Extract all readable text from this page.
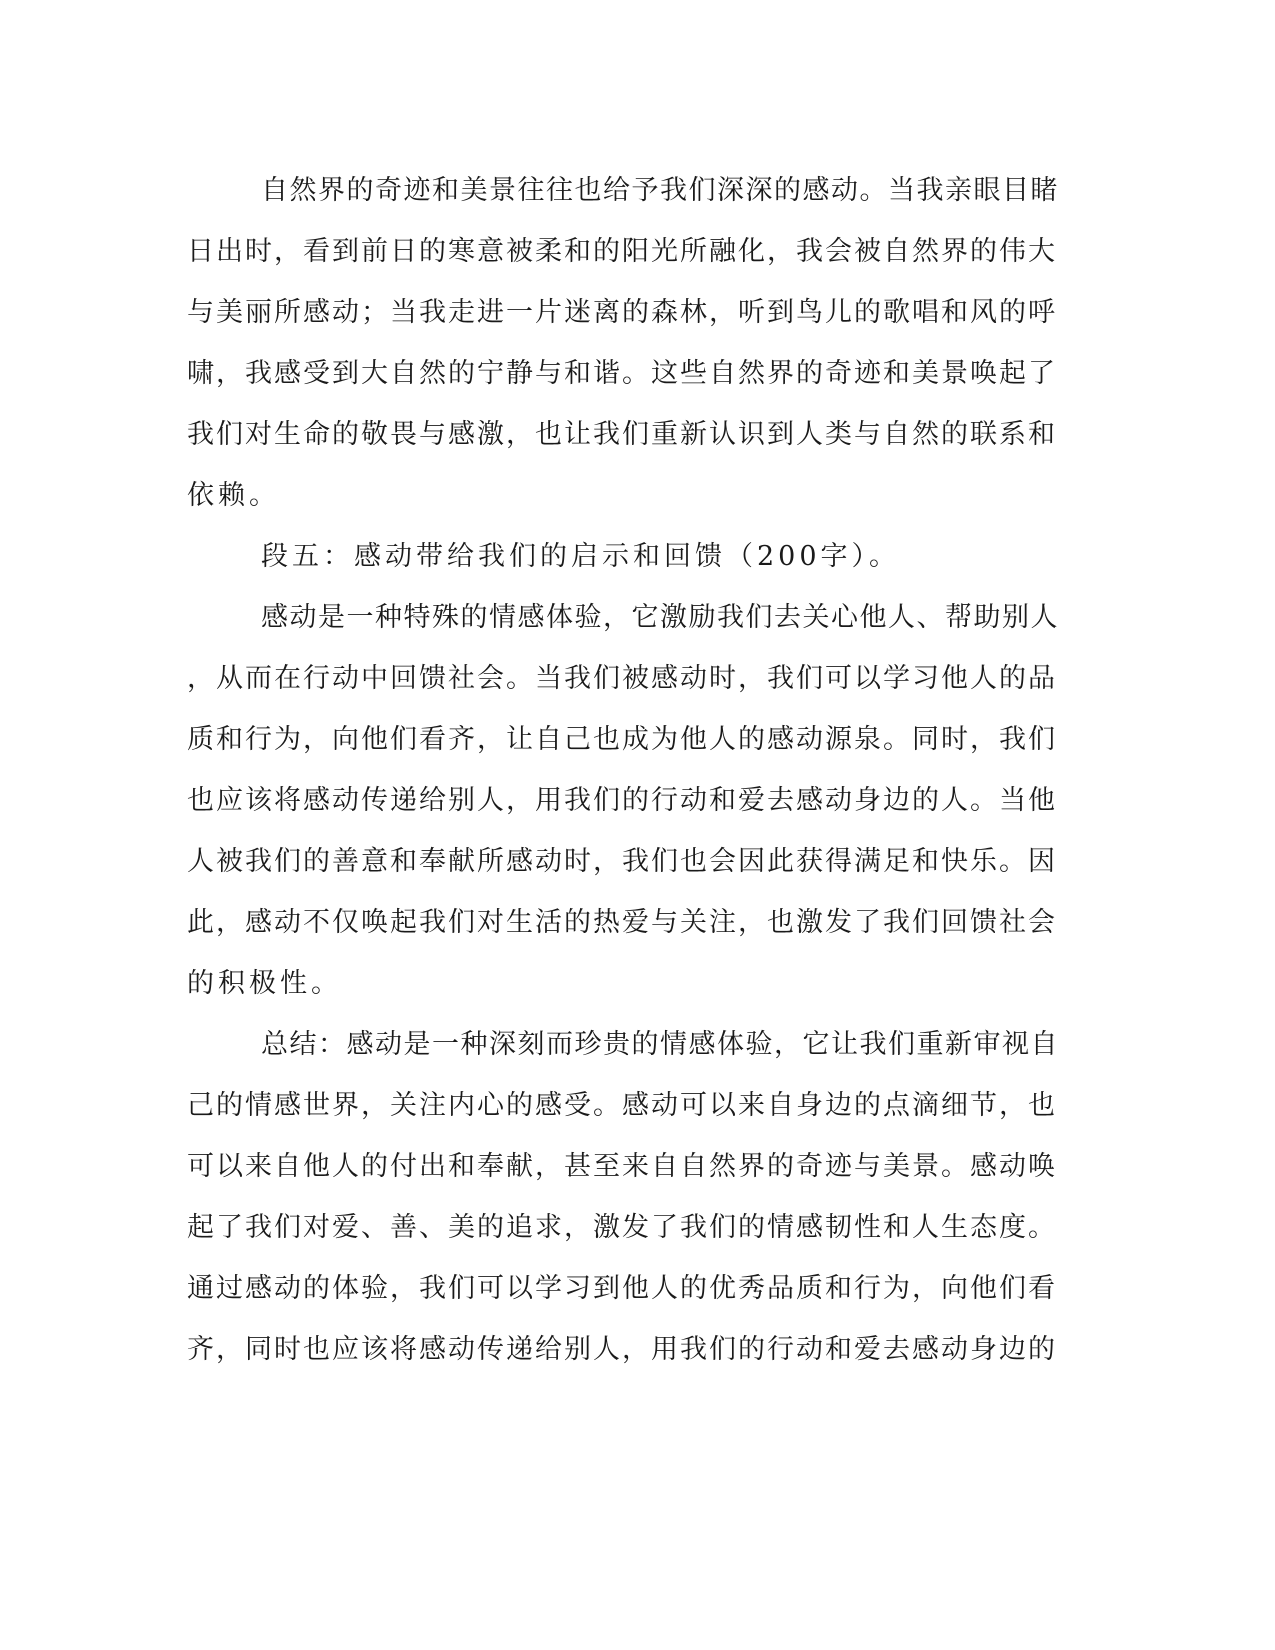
自然界的奇迹和美景往往也给予我们深深的感动。当我亲眼目睹
日出时，看到前日的寒意被柔和的阳光所融化，我会被自然界的伟大
与美丽所感动；当我走进一片迷离的森林，听到鸟儿的歌唱和风的呼
啸，我感受到大自然的宁静与和谐。这些自然界的奇迹和美景唤起了
我们对生命的敬畏与感激，也让我们重新认识到人类与自然的联系和
依赖。
段五：感动带给我们的启示和回馈（200字）。
感动是一种特殊的情感体验，它激励我们去关心他人、帮助别人
，从而在行动中回馈社会。当我们被感动时，我们可以学习他人的品
质和行为，向他们看齐，让自己也成为他人的感动源泉。同时，我们
也应该将感动传递给别人，用我们的行动和爱去感动身边的人。当他
人被我们的善意和奉献所感动时，我们也会因此获得满足和快乐。因
此，感动不仅唤起我们对生活的热爱与关注，也激发了我们回馈社会
的积极性。
总结：感动是一种深刻而珍贵的情感体验，它让我们重新审视自
己的情感世界，关注内心的感受。感动可以来自身边的点滴细节，也
可以来自他人的付出和奉献，甚至来自自然界的奇迹与美景。感动唤
起了我们对爱、善、美的追求，激发了我们的情感韧性和人生态度。
通过感动的体验，我们可以学习到他人的优秀品质和行为，向他们看
齐，同时也应该将感动传递给别人，用我们的行动和爱去感动身边的
